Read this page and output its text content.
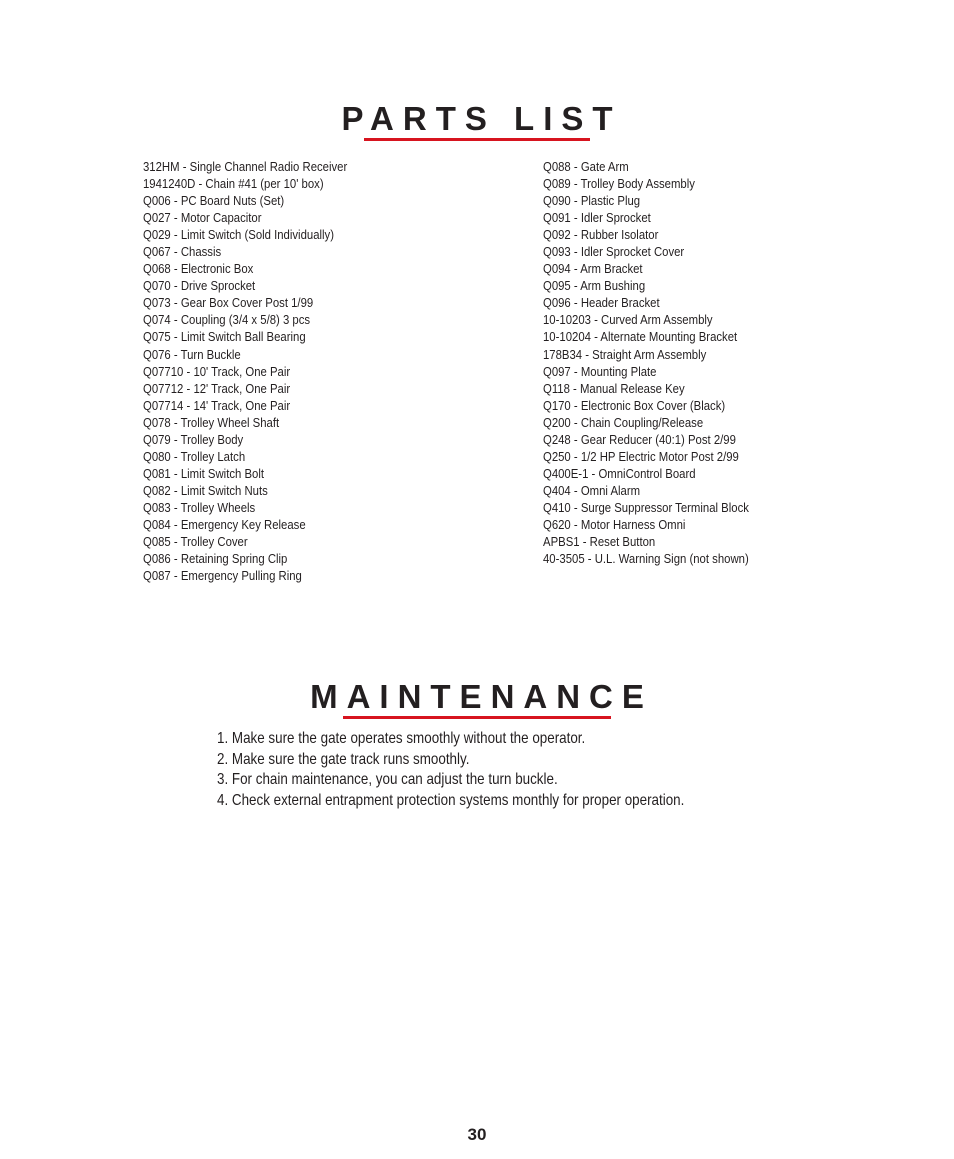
PARTS LIST
312HM - Single Channel Radio Receiver
1941240D - Chain #41 (per 10' box)
Q006 - PC Board Nuts (Set)
Q027 - Motor Capacitor
Q029 - Limit Switch (Sold Individually)
Q067 - Chassis
Q068 - Electronic Box
Q070 - Drive Sprocket
Q073 - Gear Box Cover Post 1/99
Q074 - Coupling (3/4 x 5/8) 3 pcs
Q075 - Limit Switch Ball Bearing
Q076 - Turn Buckle
Q07710 - 10' Track, One Pair
Q07712 - 12' Track, One Pair
Q07714 - 14' Track, One Pair
Q078 - Trolley Wheel Shaft
Q079 - Trolley Body
Q080 - Trolley Latch
Q081 - Limit Switch Bolt
Q082 - Limit Switch Nuts
Q083 - Trolley Wheels
Q084 - Emergency Key Release
Q085 - Trolley Cover
Q086 - Retaining Spring Clip
Q087 - Emergency Pulling Ring
Q088 - Gate Arm
Q089 - Trolley Body Assembly
Q090 - Plastic Plug
Q091 - Idler Sprocket
Q092 - Rubber Isolator
Q093 - Idler Sprocket Cover
Q094 - Arm Bracket
Q095 - Arm Bushing
Q096 - Header Bracket
10-10203 - Curved Arm Assembly
10-10204 - Alternate Mounting Bracket
178B34 - Straight Arm Assembly
Q097 - Mounting Plate
Q118 - Manual Release Key
Q170 - Electronic Box Cover (Black)
Q200 - Chain Coupling/Release
Q248 - Gear Reducer (40:1) Post 2/99
Q250 - 1/2 HP Electric Motor Post 2/99
Q400E-1 - OmniControl Board
Q404 - Omni Alarm
Q410 - Surge Suppressor Terminal Block
Q620 - Motor Harness Omni
APBS1 - Reset Button
40-3505 - U.L. Warning Sign (not shown)
MAINTENANCE
1. Make sure the gate operates smoothly without the operator.
2. Make sure the gate track runs smoothly.
3. For chain maintenance, you can adjust the turn buckle.
4. Check external entrapment protection systems monthly for proper operation.
30
